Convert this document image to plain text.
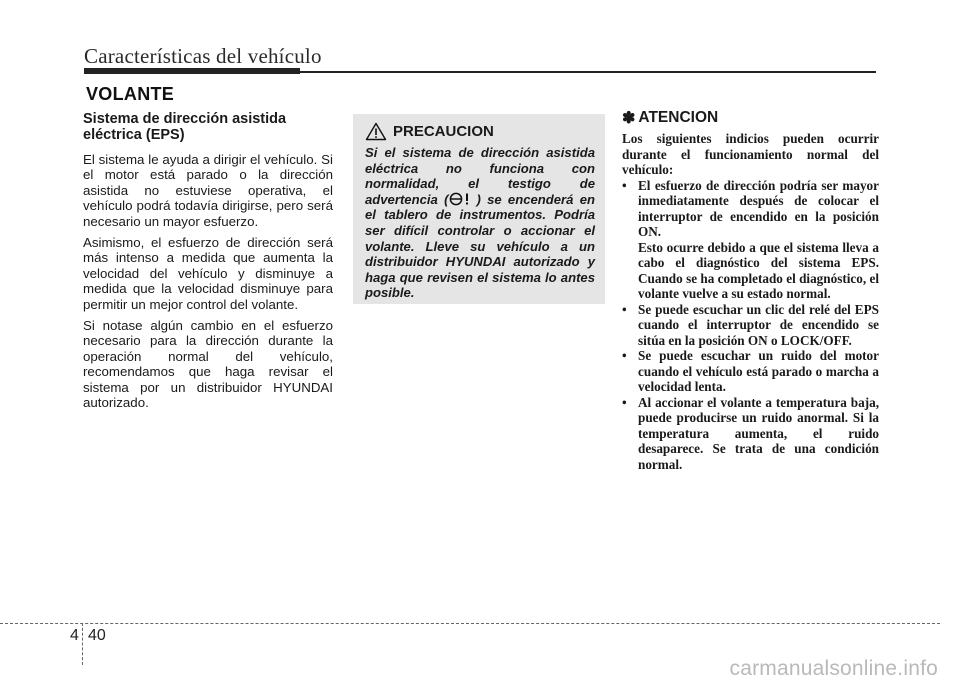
Características del vehículo
VOLANTE
Sistema de dirección asistida eléctrica (EPS)

El sistema le ayuda a dirigir el vehículo. Si el motor está parado o la dirección asistida no estuviese operativa, el vehículo podrá todavía dirigirse, pero será necesario un mayor esfuerzo.

Asimismo, el esfuerzo de dirección será más intenso a medida que aumenta la velocidad del vehículo y disminuye a medida que la velocidad disminuye para permitir un mejor control del volante.

Si notase algún cambio en el esfuerzo necesario para la dirección durante la operación normal del vehículo, recomendamos que haga revisar el sistema por un distribuidor HYUNDAI autorizado.

PRECAUCION

Si el sistema de dirección asistida eléctrica no funciona con normalidad, el testigo de advertencia ( ) se encenderá en el tablero de instrumentos. Podría ser difícil controlar o accionar el volante. Lleve su vehículo a un distribuidor HYUNDAI autorizado y haga que revisen el sistema lo antes posible.

✽ ATENCION

Los siguientes indicios pueden ocurrir durante el funcionamiento normal del vehículo:

• El esfuerzo de dirección podría ser mayor inmediatamente después de colocar el interruptor de encendido en la posición ON.
Esto ocurre debido a que el sistema lleva a cabo el diagnóstico del sistema EPS. Cuando se ha completado el diagnóstico, el volante vuelve a su estado normal.
• Se puede escuchar un clic del relé del EPS cuando el interruptor de encendido se sitúa en la posición ON o LOCK/OFF.
• Se puede escuchar un ruido del motor cuando el vehículo está parado o marcha a velocidad lenta.
• Al accionar el volante a temperatura baja, puede producirse un ruido anormal. Si la temperatura aumenta, el ruido desaparece. Se trata de una condición normal.
4 40
carmanualsonline.info
